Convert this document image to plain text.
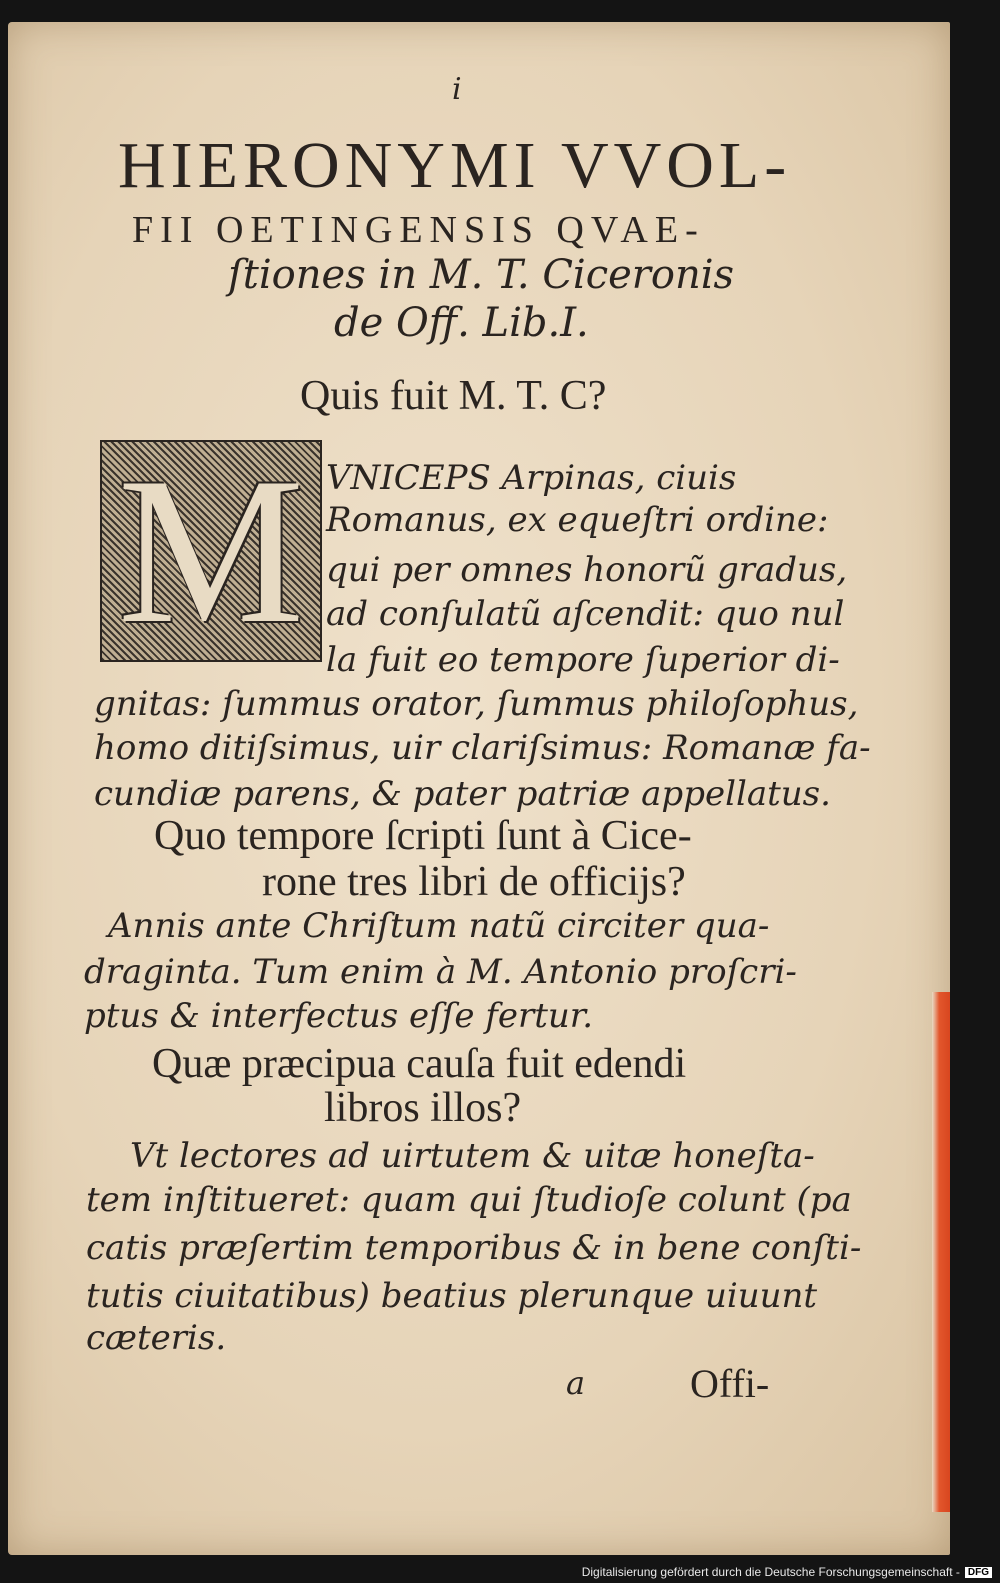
i
HIERONYMI VVOL-
FII OETINGENSIS QVAE-
ſtiones in M. T. Ciceronis
de Off. Lib.I.
Quis fuit M. T. C?
M VNICEPS Arpinas, ciuis
Romanus, ex equeſtri ordine:
qui per omnes honorũ gradus,
ad conſulatũ aſcendit: quo nul
la fuit eo tempore ſuperior di-
gnitas: ſummus orator, ſummus philoſophus,
homo ditiſsimus, uir clariſsimus: Romanæ fa-
cundiæ parens, & pater patriæ appellatus.
Quo tempore ſcripti ſunt à Cice-
rone tres libri de officijs?
Annis ante Chriſtum natũ circiter qua-
draginta. Tum enim à M. Antonio proſcri-
ptus & interfectus eſſe fertur.
Quæ præcipua cauſa fuit edendi
libros illos?
Vt lectores ad uirtutem & uitæ honeſta-
tem inſtitueret: quam qui ſtudioſe colunt (pa
catis præſertim temporibus & in bene conſti-
tutis ciuitatibus) beatius plerunque uiuunt
cæteris.
a	Offi-
Digitalisierung gefördert durch die Deutsche Forschungsgemeinschaft - DFG
